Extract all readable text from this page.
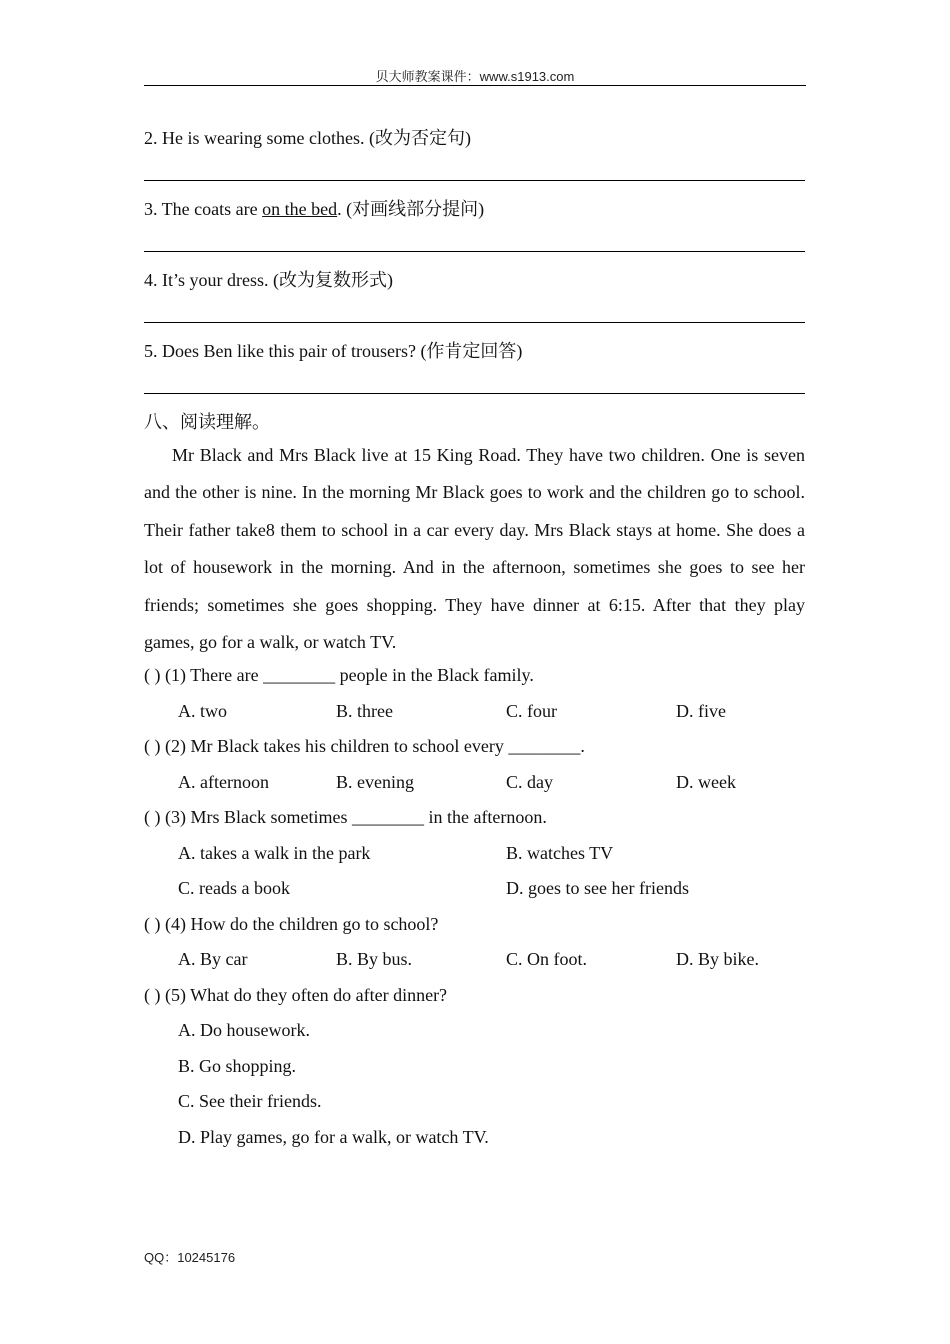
贝大师教案课件：www.s1913.com
2. He is wearing some clothes. (改为否定句)
3. The coats are on the bed. (对画线部分提问)
4. It’s your dress. (改为复数形式)
5. Does Ben like this pair of trousers? (作肯定回答)
八、阅读理解。
Mr Black and Mrs Black live at 15 King Road. They have two children. One is seven and the other is nine. In the morning Mr Black goes to work and the children go to school. Their father take8 them to school in a car every day. Mrs Black stays at home. She does a lot of housework in the morning. And in the afternoon, sometimes she goes to see her friends; sometimes she goes shopping. They have dinner at 6:15. After that they play games, go for a walk, or watch TV.
( ) (1) There are ________ people in the Black family.
A. two	B. three	C. four	D. five
( ) (2) Mr Black takes his children to school every ________.
A. afternoon	B. evening	C. day	D. week
( ) (3) Mrs Black sometimes ________ in the afternoon.
A. takes a walk in the park	B. watches TV
C. reads a book	D. goes to see her friends
( ) (4) How do the children go to school?
A. By car	B. By bus.	C. On foot.	D. By bike.
( ) (5) What do they often do after dinner?
A. Do housework.
B. Go shopping.
C. See their friends.
D. Play games, go for a walk, or watch TV.
QQ：10245176
